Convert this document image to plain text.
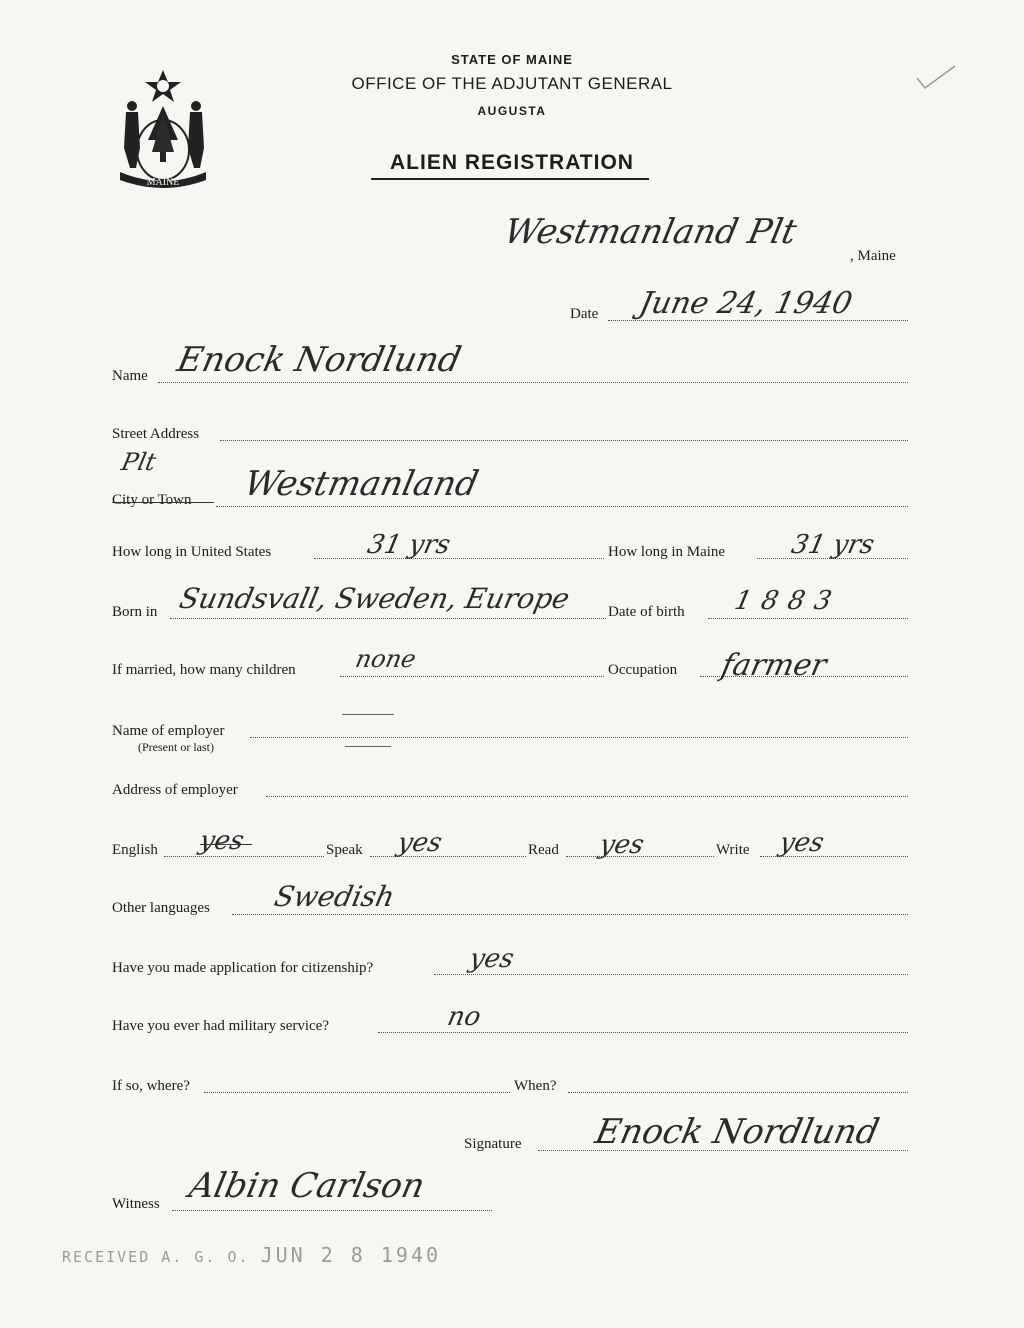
MAINE
STATE OF MAINE
OFFICE OF THE ADJUTANT GENERAL
AUGUSTA
ALIEN REGISTRATION
Westmanland Plt
, Maine
Date June 24, 1940
Name Enock Nordlund
Street Address
Plt
City or Town Westmanland
How long in United States	31 yrs	How long in Maine 31 yrs
Born in Sundsvall, Sweden, Europe Date of birth 1883
If married, how many children none	Occupation farmer
Name of employer
(Present or last)
Address of employer
English yes	Speak yes	Read yes	Write yes
Other languages Swedish
Have you made application for citizenship?	yes
Have you ever had military service?	no
If so, where?	When?
Signature Enock Nordlund
Witness Albin Carlson
RECEIVED A. G. O. JUN 2 8 1940
